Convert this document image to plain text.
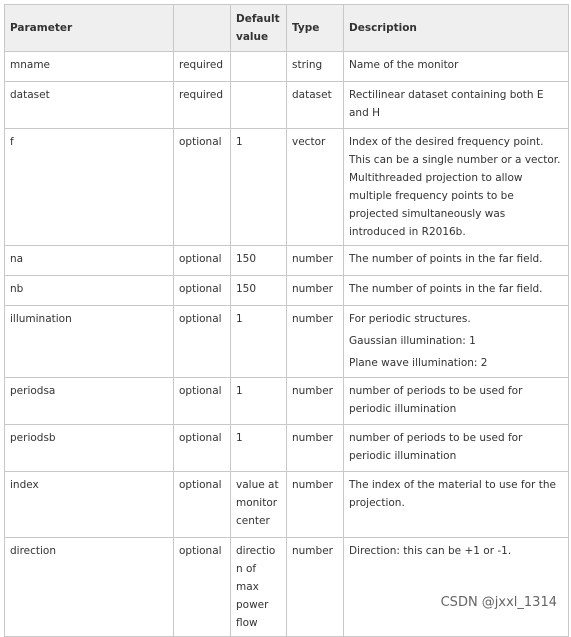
Parameter		Default value	Type	Description
mname	required		string	Name of the monitor

dataset	required		dataset	Rectilinear dataset containing both E and H

f	optional	1	vector	Index of the desired frequency point. This can be a single number or a vector. Multithreaded projection to allow multiple frequency points to be projected simultaneously was introduced in R2016b.

na	optional	150	number	The number of points in the far field.

nb	optional	150	number	The number of points in the far field.

illumination	optional	1	number	For periodic structures.
Gaussian illumination: 1
Plane wave illumination: 2

periodsa	optional	1	number	number of periods to be used for periodic illumination

periodsb	optional	1	number	number of periods to be used for periodic illumination

index	optional	value at monitor center	number	The index of the material to use for the projection.

direction	optional	direction of max power flow	number	Direction: this can be +1 or -1.
CSDN @jxxl_1314
